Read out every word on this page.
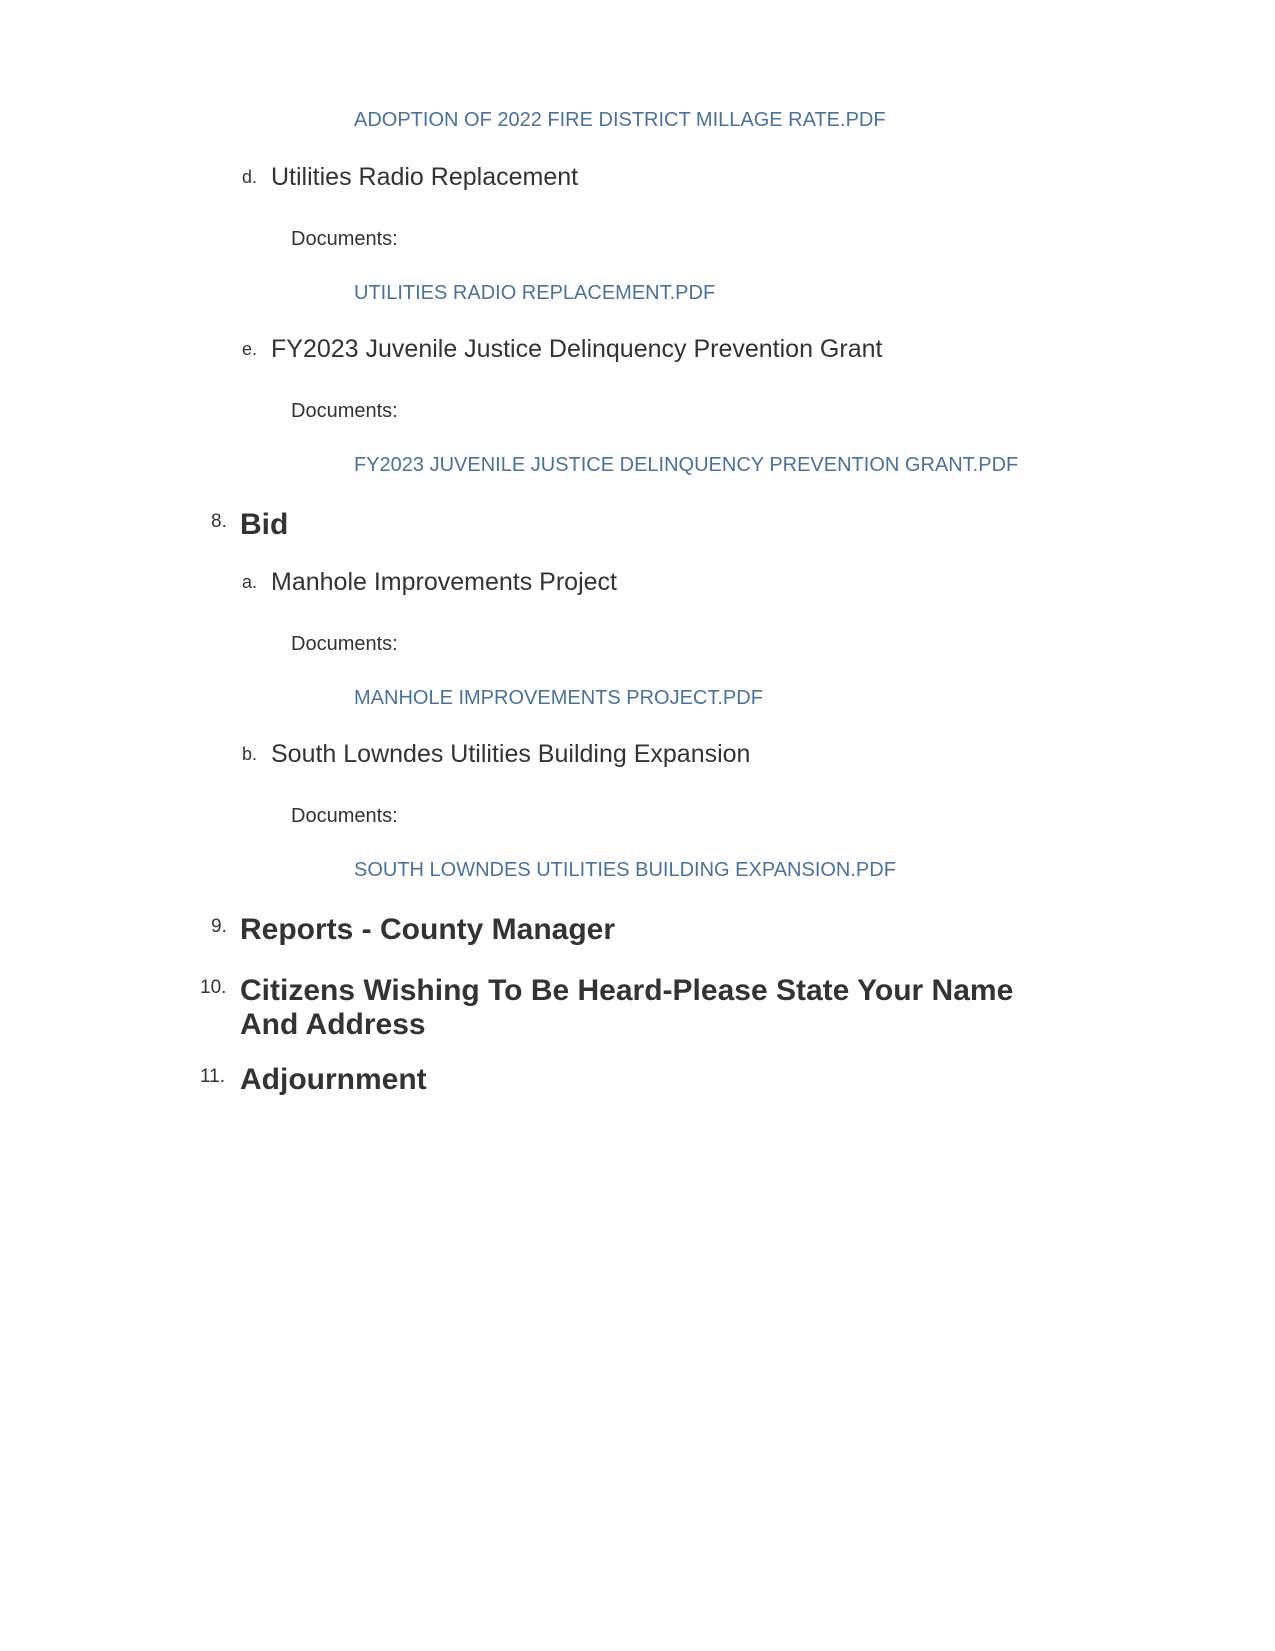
ADOPTION OF 2022 FIRE DISTRICT MILLAGE RATE.PDF
d. Utilities Radio Replacement
Documents:
UTILITIES RADIO REPLACEMENT.PDF
e. FY2023 Juvenile Justice Delinquency Prevention Grant
Documents:
FY2023 JUVENILE JUSTICE DELINQUENCY PREVENTION GRANT.PDF
8. Bid
a. Manhole Improvements Project
Documents:
MANHOLE IMPROVEMENTS PROJECT.PDF
b. South Lowndes Utilities Building Expansion
Documents:
SOUTH LOWNDES UTILITIES BUILDING EXPANSION.PDF
9. Reports - County Manager
10. Citizens Wishing To Be Heard-Please State Your Name
And Address
11. Adjournment
